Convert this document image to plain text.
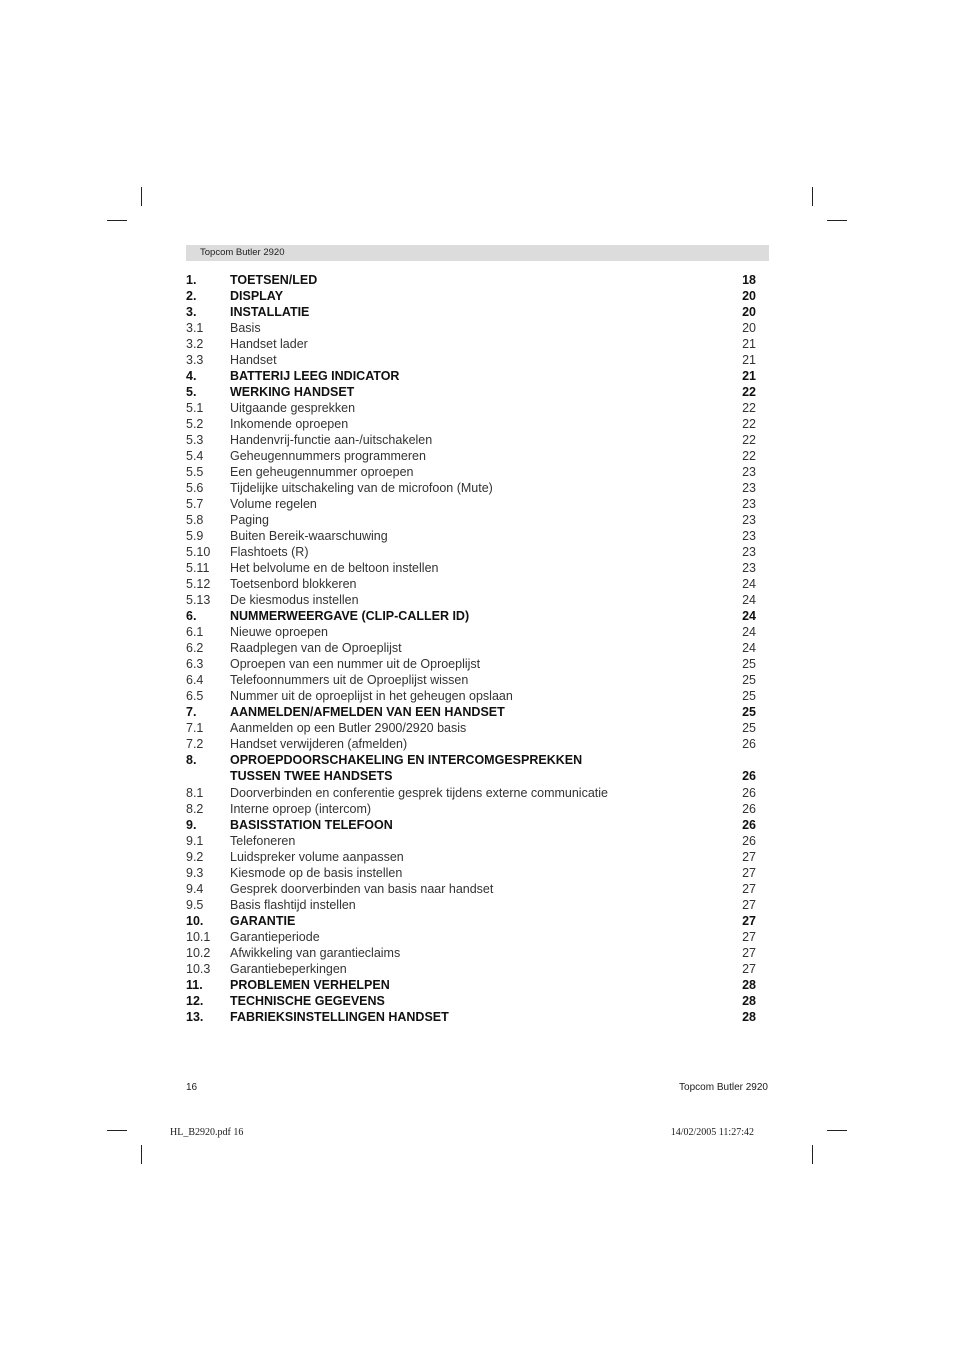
Topcom Butler 2920
1.	TOETSEN/LED	18
2.	DISPLAY	20
3.	INSTALLATIE	20
3.1 Basis	20
3.2 Handset lader	21
3.3 Handset	21
4.	BATTERIJ LEEG INDICATOR	21
5.	WERKING HANDSET	22
5.1 Uitgaande gesprekken	22
5.2 Inkomende oproepen	22
5.3 Handenvrij-functie aan-/uitschakelen	22
5.4 Geheugennummers programmeren	22
5.5 Een geheugennummer oproepen	23
5.6 Tijdelijke uitschakeling van de microfoon (Mute)	23
5.7 Volume regelen	23
5.8 Paging	23
5.9 Buiten Bereik-waarschuwing	23
5.10 Flashtoets (R)	23
5.11 Het belvolume en de beltoon instellen	23
5.12 Toetsenbord blokkeren	24
5.13 De kiesmodus instellen	24
6.	NUMMERWEERGAVE (CLIP-CALLER ID)	24
6.1 Nieuwe oproepen	24
6.2 Raadplegen van de Oproeplijst	24
6.3 Oproepen van een nummer uit de Oproeplijst	25
6.4 Telefoonnummers uit de Oproeplijst wissen	25
6.5 Nummer uit de oproeplijst in het geheugen opslaan	25
7.	AANMELDEN/AFMELDEN VAN EEN HANDSET	25
7.1 Aanmelden op een Butler 2900/2920 basis	25
7.2 Handset verwijderen (afmelden)	26
8.	OPROEPDOORSCHAKELING EN INTERCOMGESPREKKEN
TUSSEN TWEE HANDSETS	26
8.1 Doorverbinden en conferentie gesprek tijdens externe communicatie	26
8.2 Interne oproep (intercom)	26
9.	BASISSTATION TELEFOON	26
9.1 Telefoneren	26
9.2 Luidspreker volume aanpassen	27
9.3 Kiesmode op de basis instellen	27
9.4 Gesprek doorverbinden van basis naar handset	27
9.5 Basis flashtijd instellen	27
10. GARANTIE	27
10.1 Garantieperiode	27
10.2 Afwikkeling van garantieclaims	27
10.3 Garantiebeperkingen	27
11. PROBLEMEN VERHELPEN	28
12. TECHNISCHE GEGEVENS	28
13. FABRIEKSINSTELLINGEN HANDSET	28
16	Topcom Butler 2920
HL_B2920.pdf 16	14/02/2005 11:27:42
